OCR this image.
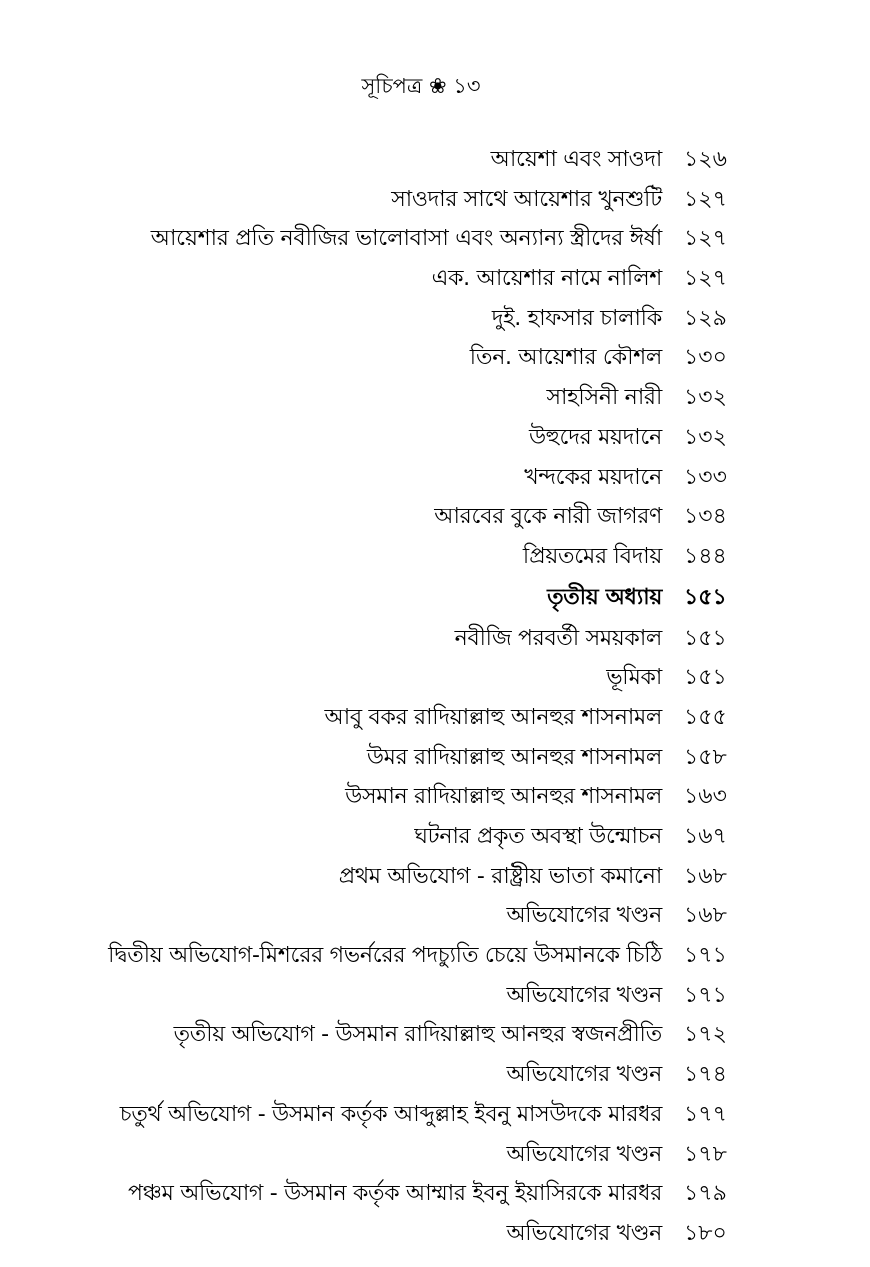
সূচিপত্র ❀ ১৩
আয়েশা এবং সাওদা ১২৬
সাওদার সাথে আয়েশার খুনশুটি ১২৭
আয়েশার প্রতি নবীজির ভালোবাসা এবং অন্যান্য স্ত্রীদের ঈর্ষা ১২৭
এক. আয়েশার নামে নালিশ ১২৭
দুই. হাফসার চালাকি ১২৯
তিন. আয়েশার কৌশল ১৩০
সাহসিনী নারী ১৩২
উহুদের ময়দানে ১৩২
খন্দকের ময়দানে ১৩৩
আরবের বুকে নারী জাগরণ ১৩৪
প্রিয়তমের বিদায় ১৪৪
তৃতীয় অধ্যায় ১৫১
নবীজি পরবর্তী সময়কাল ১৫১
ভূমিকা ১৫১
আবু বকর রাদিয়াল্লাহু আনহুর শাসনামল ১৫৫
উমর রাদিয়াল্লাহু আনহুর শাসনামল ১৫৮
উসমান রাদিয়াল্লাহু আনহুর শাসনামল ১৬৩
ঘটনার প্রকৃত অবস্থা উন্মোচন ১৬৭
প্রথম অভিযোগ - রাষ্ট্রীয় ভাতা কমানো ১৬৮
অভিযোগের খণ্ডন ১৬৮
দ্বিতীয় অভিযোগ-মিশরের গভর্নরের পদচ্যুতি চেয়ে উসমানকে চিঠি ১৭১
অভিযোগের খণ্ডন ১৭১
তৃতীয় অভিযোগ - উসমান রাদিয়াল্লাহু আনহুর স্বজনপ্রীতি ১৭২
অভিযোগের খণ্ডন ১৭৪
চতুর্থ অভিযোগ - উসমান কর্তৃক আব্দুল্লাহ ইবনু মাসউদকে মারধর ১৭৭
অভিযোগের খণ্ডন ১৭৮
পঞ্চম অভিযোগ - উসমান কর্তৃক আম্মার ইবনু ইয়াসিরকে মারধর ১৭৯
অভিযোগের খণ্ডন ১৮০
